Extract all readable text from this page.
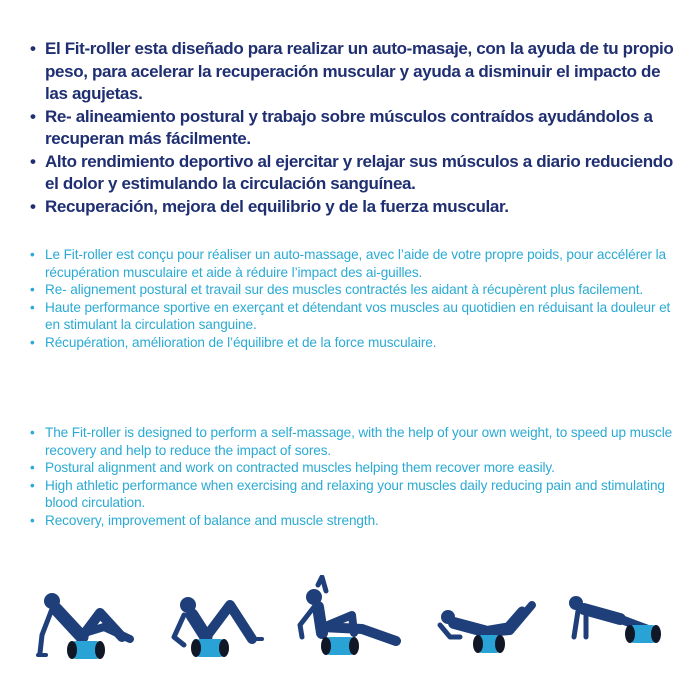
• El Fit-roller esta diseñado para realizar un auto-masaje, con la ayuda de tu propio peso, para acelerar la recuperación muscular y ayuda a disminuir el impacto de las agujetas.
• Re- alineamiento postural y trabajo sobre músculos contraídos ayudándolos a recuperan más fácilmente.
• Alto rendimiento deportivo al ejercitar y relajar sus músculos a diario reduciendo el dolor y estimulando la circulación sanguínea.
• Recuperación, mejora del equilibrio y de la fuerza muscular.
• Le Fit-roller est conçu pour réaliser un auto-massage, avec l’aide de votre propre poids, pour accélérer la récupération musculaire et aide à réduire l’impact des ai-guilles.
• Re- alignement postural et travail sur des muscles contractés les aidant à récupèrent plus facilement.
• Haute performance sportive en exerçant et détendant vos muscles au quotidien en réduisant la douleur et en stimulant la circulation sanguine.
• Récupération, amélioration de l’équilibre et de la force musculaire.
• The Fit-roller is designed to perform a self-massage, with the help of your own weight, to speed up muscle recovery and help to reduce the impact of sores.
• Postural alignment and work on contracted muscles helping them recover more easily.
• High athletic performance when exercising and relaxing your muscles daily reducing pain and stimulating blood circulation.
• Recovery, improvement of balance and muscle strength.
